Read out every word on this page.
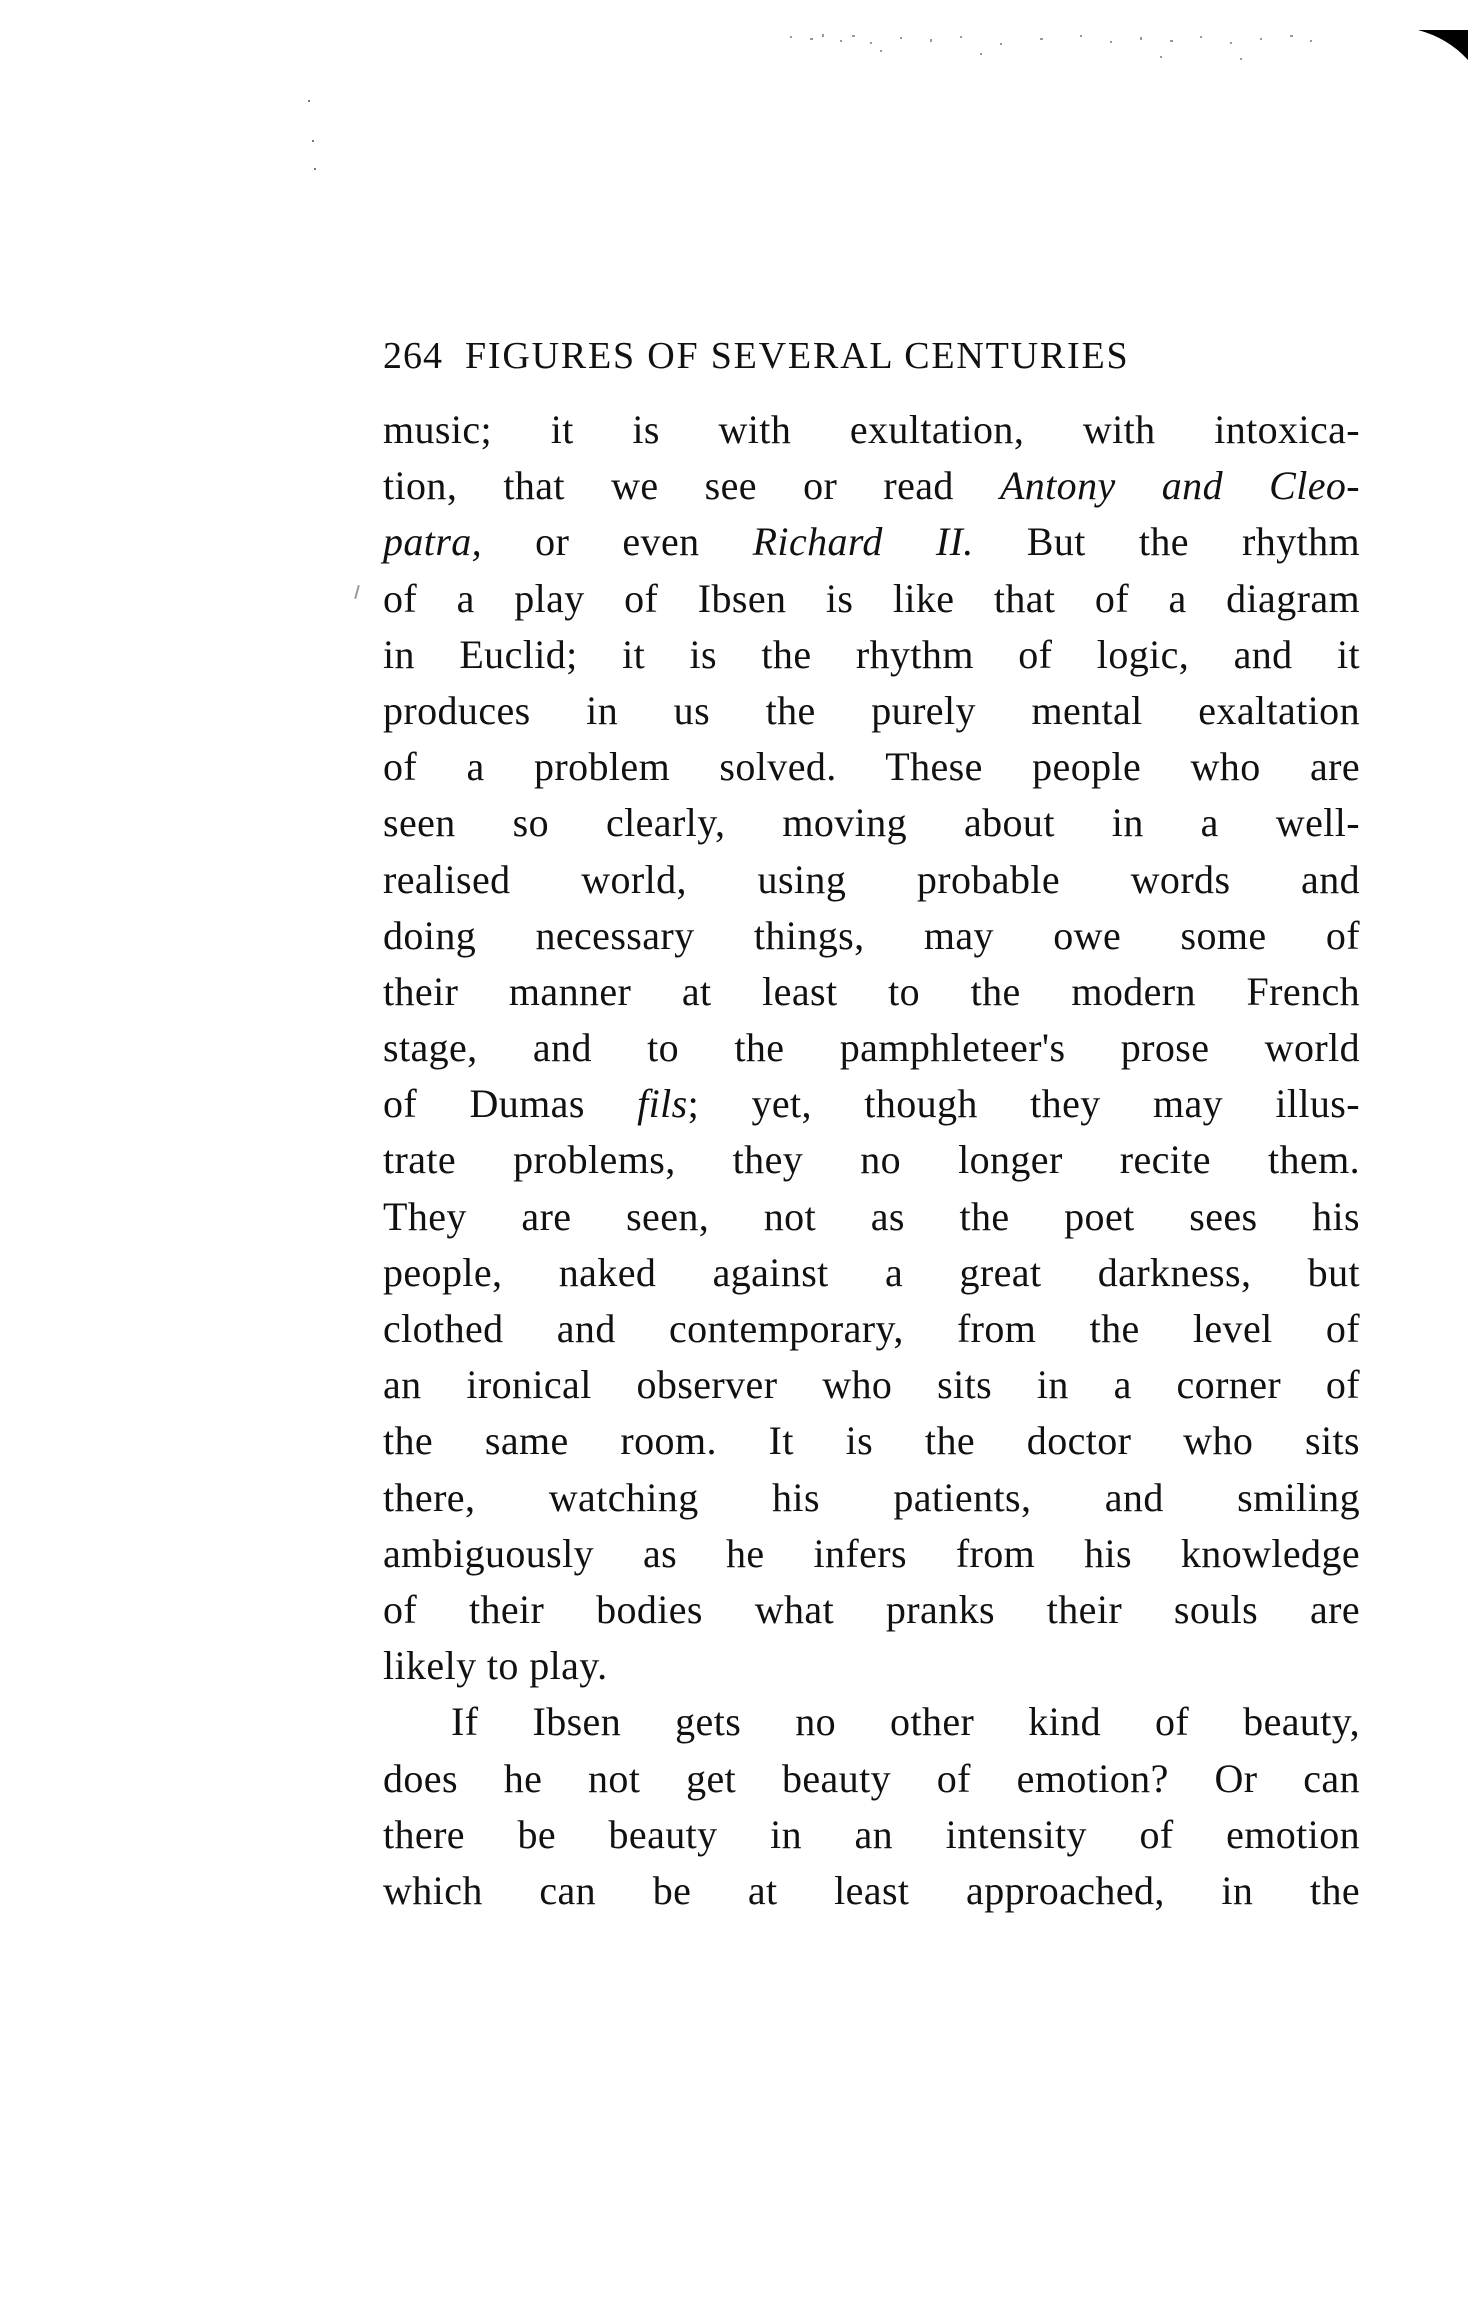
264 FIGURES OF SEVERAL CENTURIES
music; it is with exultation, with intoxica-
tion, that we see or read Antony and Cleo-
patra, or even Richard II. But the rhythm
of a play of Ibsen is like that of a diagram
in Euclid; it is the rhythm of logic, and it
produces in us the purely mental exaltation
of a problem solved. These people who are
seen so clearly, moving about in a well-
realised world, using probable words and
doing necessary things, may owe some of
their manner at least to the modern French
stage, and to the pamphleteer's prose world
of Dumas fils; yet, though they may illus-
trate problems, they no longer recite them.
They are seen, not as the poet sees his
people, naked against a great darkness, but
clothed and contemporary, from the level of
an ironical observer who sits in a corner of
the same room. It is the doctor who sits
there, watching his patients, and smiling
ambiguously as he infers from his knowledge
of their bodies what pranks their souls are
likely to play.
If Ibsen gets no other kind of beauty,
does he not get beauty of emotion? Or can
there be beauty in an intensity of emotion
which can be at least approached, in the
